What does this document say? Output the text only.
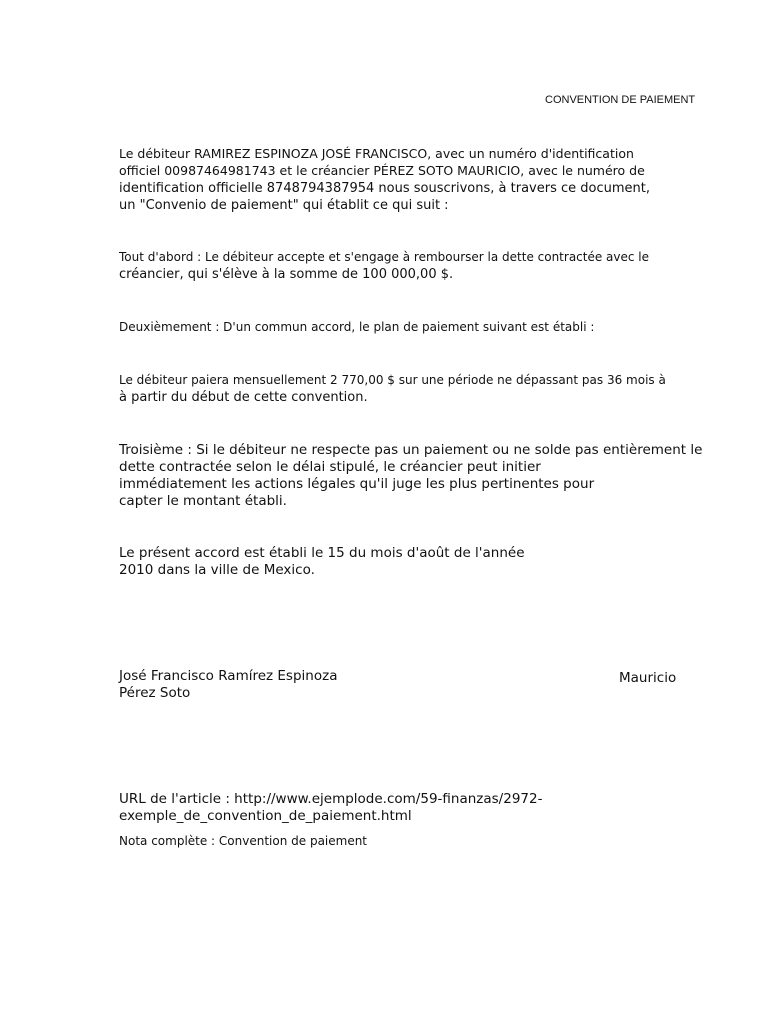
CONVENTION DE PAIEMENT
Le débiteur RAMIREZ ESPINOZA JOSÉ FRANCISCO, avec un numéro d'identification
officiel 00987464981743 et le créancier PÉREZ SOTO MAURICIO, avec le numéro de
identification officielle 8748794387954 nous souscrivons, à travers ce document,
un "Convenio de paiement" qui établit ce qui suit :
Tout d'abord : Le débiteur accepte et s'engage à rembourser la dette contractée avec le
créancier, qui s'élève à la somme de 100 000,00 $.
Deuxièmement : D'un commun accord, le plan de paiement suivant est établi :
Le débiteur paiera mensuellement 2 770,00 $ sur une période ne dépassant pas 36 mois à
à partir du début de cette convention.
Troisième : Si le débiteur ne respecte pas un paiement ou ne solde pas entièrement le
dette contractée selon le délai stipulé, le créancier peut initier
immédiatement les actions légales qu'il juge les plus pertinentes pour
capter le montant établi.
Le présent accord est établi le 15 du mois d'août de l'année
2010 dans la ville de Mexico.
José Francisco Ramírez Espinoza	Mauricio
Pérez Soto
URL de l'article : http://www.ejemplode.com/59-finanzas/2972-
exemple_de_convention_de_paiement.html
Nota complète : Convention de paiement
